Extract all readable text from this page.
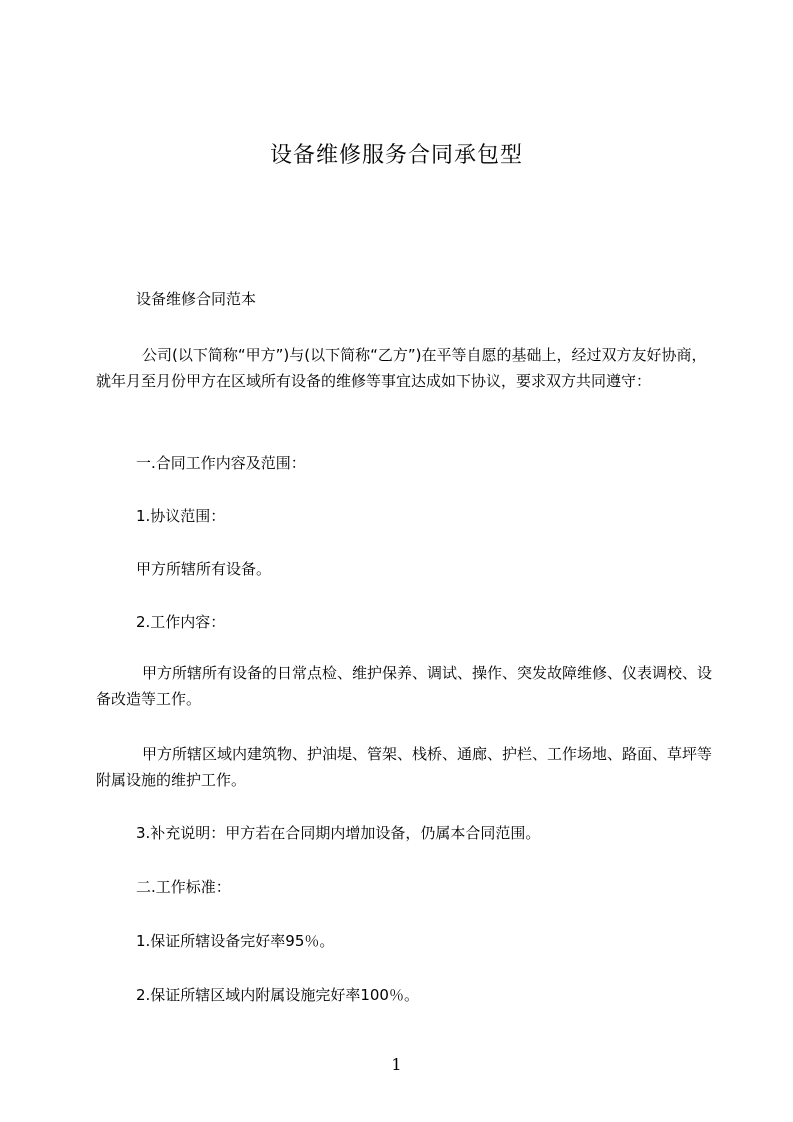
设备维修服务合同承包型

设备维修合同范本

公司(以下简称“甲方”)与(以下简称“乙方”)在平等自愿的基础上，经过双方友好协商，就年月至月份甲方在区域所有设备的维修等事宜达成如下协议，要求双方共同遵守：

一.合同工作内容及范围：

1.协议范围：

甲方所辖所有设备。

2.工作内容：

甲方所辖所有设备的日常点检、维护保养、调试、操作、突发故障维修、仪表调校、设备改造等工作。

甲方所辖区域内建筑物、护油堤、管架、栈桥、通廊、护栏、工作场地、路面、草坪等附属设施的维护工作。

3.补充说明：甲方若在合同期内增加设备，仍属本合同范围。

二.工作标准：

1.保证所辖设备完好率95％。

2.保证所辖区域内附属设施完好率100％。

1
